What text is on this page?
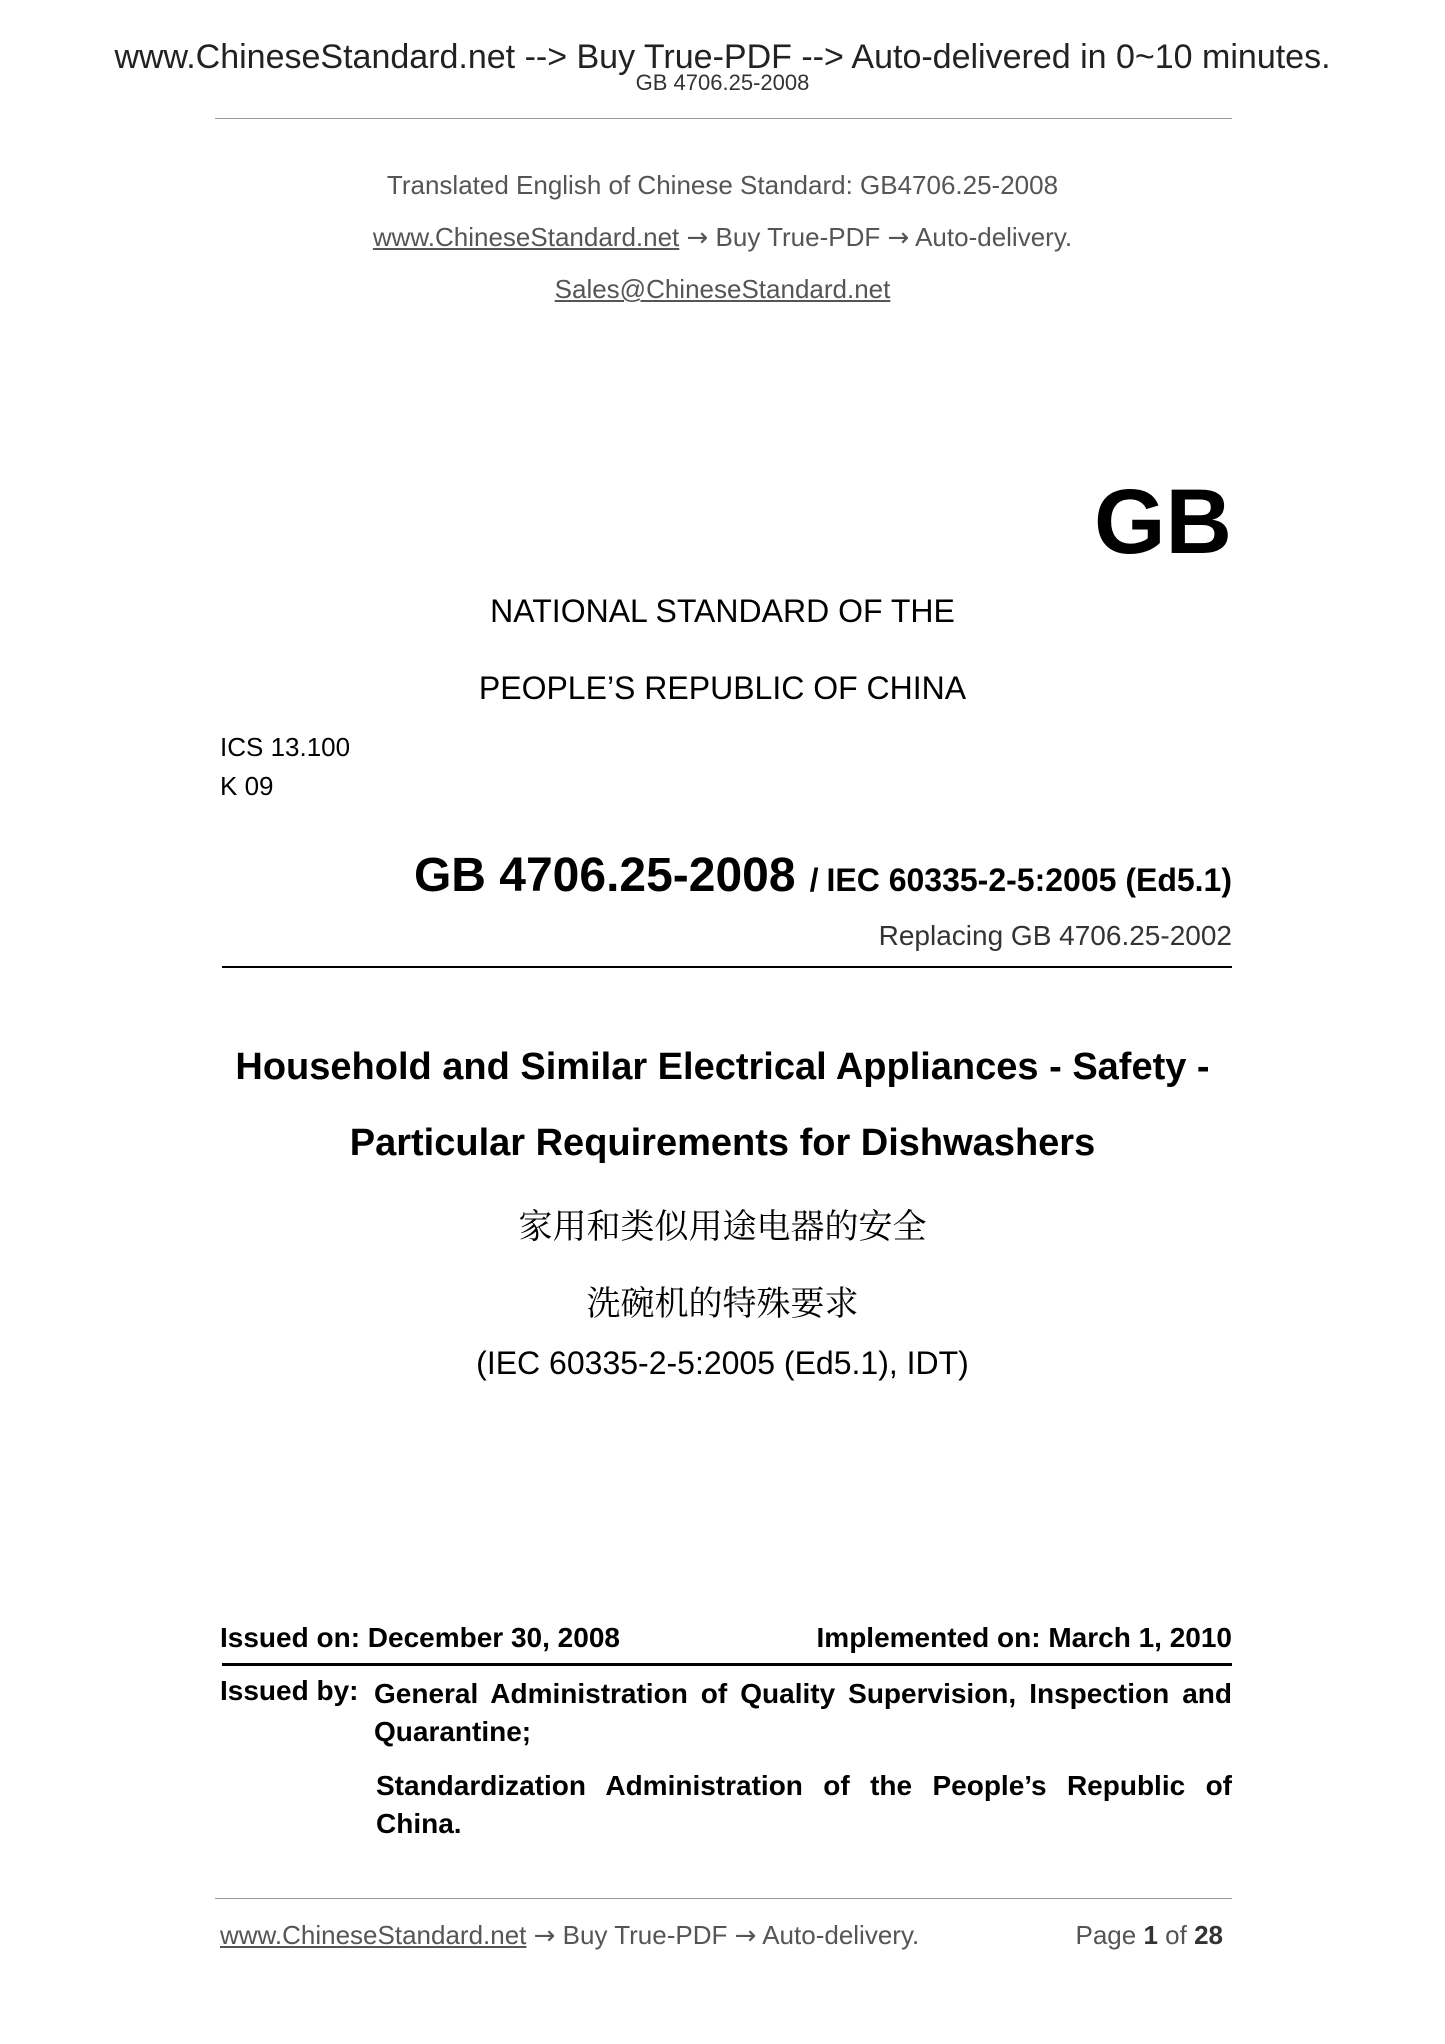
www.ChineseStandard.net --> Buy True-PDF --> Auto-delivered in 0~10 minutes.
GB 4706.25-2008
Translated English of Chinese Standard: GB4706.25-2008
www.ChineseStandard.net → Buy True-PDF → Auto-delivery.
Sales@ChineseStandard.net
GB
NATIONAL STANDARD OF THE
PEOPLE’S REPUBLIC OF CHINA
ICS 13.100
K 09
GB 4706.25-2008 / IEC 60335-2-5:2005 (Ed5.1)
Replacing GB 4706.25-2002
Household and Similar Electrical Appliances - Safety -
Particular Requirements for Dishwashers
家用和类似用途电器的安全
洗碗机的特殊要求
(IEC 60335-2-5:2005 (Ed5.1), IDT)
Issued on: December 30, 2008	Implemented on: March 1, 2010
Issued by: General Administration of Quality Supervision, Inspection and Quarantine;
Standardization Administration of the People’s Republic of China.
www.ChineseStandard.net → Buy True-PDF → Auto-delivery.	Page 1 of 28
